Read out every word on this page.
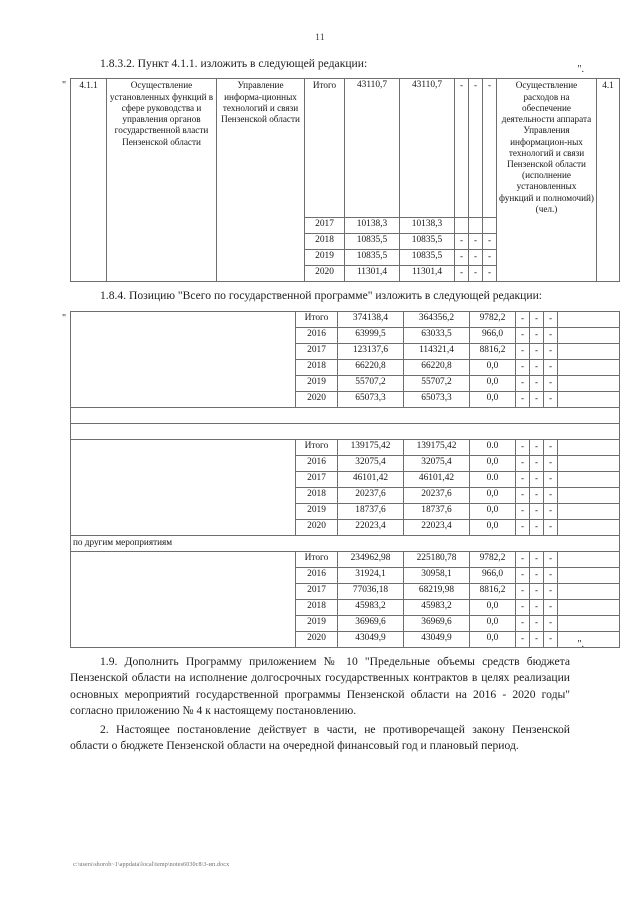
11

1.8.3.2. Пункт 4.1.1. изложить в следующей редакции:

" 4.1.1	Осуществление установленных функций в сфере руководства и управления органов государственной власти Пензенской области	Управление информа-ционных технологий и связи Пензенской области	Итого	43110,7	43110,7	-	-	-	Осуществление расходов на обеспечение деятельности аппарата Управления информацион-ных технологий и связи Пензенской области (исполнение установленных функций и полномочий) (чел.)	4.1
			2017	10138,3	10138,3					
			2018	10835,5	10835,5	-	-	-		
			2019	10835,5	10835,5	-	-	-		
			2020	11301,4	11301,4	-	-	-		
".

1.8.4. Позицию "Всего по государственной программе" изложить в следующей редакции:

"
		Итого	374138,4	364356,2	9782,2	-	-	-	
	2016	63999,5	63033,5	966,0	-	-	-	
	2017	123137,6	114321,4	8816,2	-	-	-	
	2018	66220,8	66220,8	0,0	-	-	-	
	2019	55707,2	55707,2	0,0	-	-	-	
	2020	65073,3	65073,3	0,0	-	-	-	

	Итого	139175,42	139175,42	0.0	-	-	-	
	2016	32075,4	32075,4	0,0	-	-	-	
	2017	46101,42	46101,42	0.0	-	-	-	
	2018	20237,6	20237,6	0,0	-	-	-	
	2019	18737,6	18737,6	0,0	-	-	-	
	2020	22023,4	22023,4	0,0	-	-	-	
по другим мероприятиям								
	Итого	234962,98	225180,78	9782,2	-	-	-	
	2016	31924,1	30958,1	966,0	-	-	-	
	2017	77036,18	68219,98	8816,2	-	-	-	
	2018	45983,2	45983,2	0,0	-	-	-	
	2019	36969,6	36969,6	0,0	-	-	-	
	2020	43049,9	43049,9	0,0	-	-	-	
".

1.9. Дополнить Программу приложением № 10 "Предельные объемы средств бюджета Пензенской области на исполнение долгосрочных государственных контрактов в целях реализации основных мероприятий государственной программы Пензенской области на 2016 - 2020 годы" согласно приложению № 4 к настоящему постановлению.

2. Настоящее постановление действует в части, не противоречащей закону Пензенской области о бюджете Пензенской области на очередной финансовый год и плановый период.

c:\users\shorob~1\appdata\local\temp\notes6030c8\3-ип.docx
